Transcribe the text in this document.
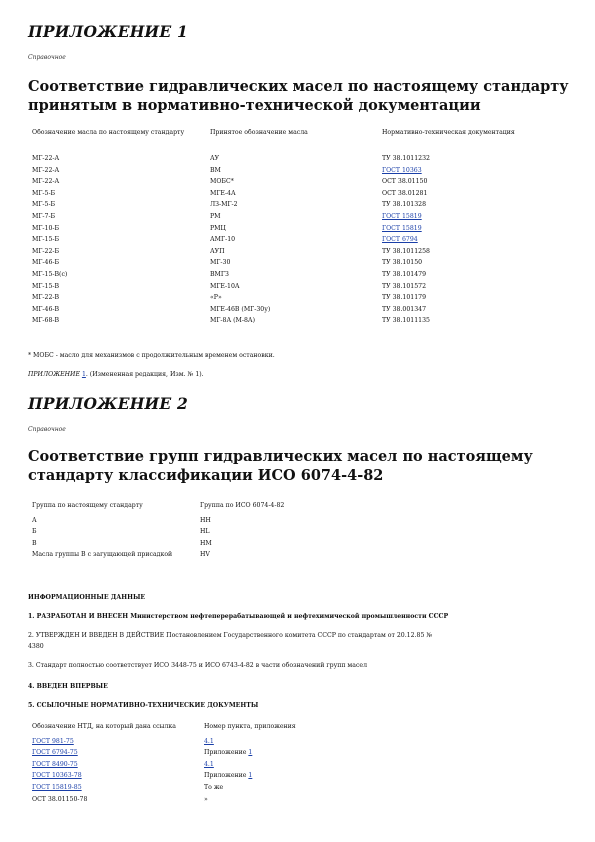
ПРИЛОЖЕНИЕ 1
Справочное
Соответствие гидравлических масел по настоящему стандарту
принятым в нормативно-технической документации
Обозначение масла по настоящему стандарту	Принятое обозначение масла	Нормативно-техническая документация
МГ-22-А	АУ	ТУ 38.1011232
МГ-22-А	ВМ	ГОСТ 10363
МГ-22-А	МОБС*	ОСТ 38.01150
МГ-5-Б	МГЕ-4А	ОСТ 38.01281
МГ-5-Б	ЛЗ-МГ-2	ТУ 38.101328
МГ-7-Б	РМ	ГОСТ 15819
МГ-10-Б	РМЦ	ГОСТ 15819
МГ-15-Б	АМГ-10	ГОСТ 6794
МГ-22-Б	АУП	ТУ 38.1011258
МГ-46-Б	МГ-30	ТУ 38.10150
МГ-15-В(с)	ВМГЗ	ТУ 38.101479
МГ-15-В	МГЕ-10А	ТУ 38.101572
МГ-22-В	«Р»	ТУ 38.101179
МГ-46-В	МГЕ-46В (МГ-30у)	ТУ 38.001347
МГ-68-В	МГ-8А (М-8А)	ТУ 38.1011135
* МОБС - масло для механизмов с продолжительным временем остановки.
ПРИЛОЖЕНИЕ 1. (Измененная редакция, Изм. № 1).
ПРИЛОЖЕНИЕ 2
Справочное
Соответствие групп гидравлических масел по настоящему
стандарту классификации ИСО 6074-4-82
Группа по настоящему стандарту	Группа по ИСО 6074-4-82
А	НН
Б	HL
В	НМ
Масла группы В с загущающей присадкой	HV
ИНФОРМАЦИОННЫЕ ДАННЫЕ
1. РАЗРАБОТАН И ВНЕСЕН Министерством нефтеперерабатывающей и нефтехимической промышленности СССР
2. УТВЕРЖДЕН И ВВЕДЕН В ДЕЙСТВИЕ Постановлением Государственного комитета СССР по стандартам от 20.12.85 №
4380
3. Стандарт полностью соответствует ИСО 3448-75 и ИСО 6743-4-82 в части обозначений групп масел
4. ВВЕДЕН ВПЕРВЫЕ
5. ССЫЛОЧНЫЕ НОРМАТИВНО-ТЕХНИЧЕСКИЕ ДОКУМЕНТЫ
Обозначение НТД, на который дана ссылка	Номер пункта, приложения
ГОСТ 981-75	4.1
ГОСТ 6794-75	Приложение 1
ГОСТ 8490-75	4.1
ГОСТ 10363-78	Приложение 1
ГОСТ 15819-85	То же
ОСТ 38.01150-78	»
